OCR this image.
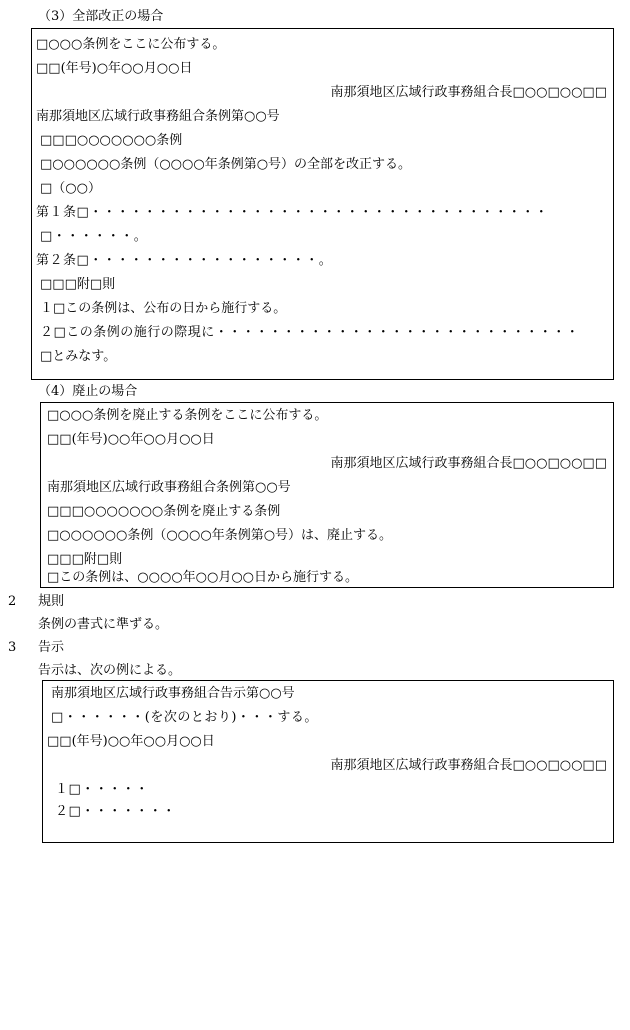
（3）全部改正の場合
□○○○条例をここに公布する。
□□(年号)○年○○月○○日
南那須地区広域行政事務組合長□○○□○○□□
南那須地区広域行政事務組合条例第○○号
□□□○○○○○○○条例
□○○○○○○条例（○○○○年条例第○号）の全部を改正する。
□（○○）
第１条□・・・・・・・・・・・・・・・・・・・・・・・・・・・・・・・・・・
□・・・・・・。
第２条□・・・・・・・・・・・・・・・・・。
□□□附□則
１□この条例は、公布の日から施行する。
２□この条例の施行の際現に・・・・・・・・・・・・・・・・・・・・・・・・・・・
□とみなす。
（4）廃止の場合
□○○○条例を廃止する条例をここに公布する。
□□(年号)○○年○○月○○日
南那須地区広域行政事務組合長□○○□○○□□
南那須地区広域行政事務組合条例第○○号
□□□○○○○○○○条例を廃止する条例
□○○○○○○条例（○○○○年条例第○号）は、廃止する。
□□□附□則
□この条例は、○○○○年○○月○○日から施行する。
2 規則
条例の書式に準ずる。
3 告示
告示は、次の例による。
南那須地区広域行政事務組合告示第○○号
□・・・・・・(を次のとおり)・・・する。
□□(年号)○○年○○月○○日
南那須地区広域行政事務組合長□○○□○○□□
１□・・・・・
２□・・・・・・・
